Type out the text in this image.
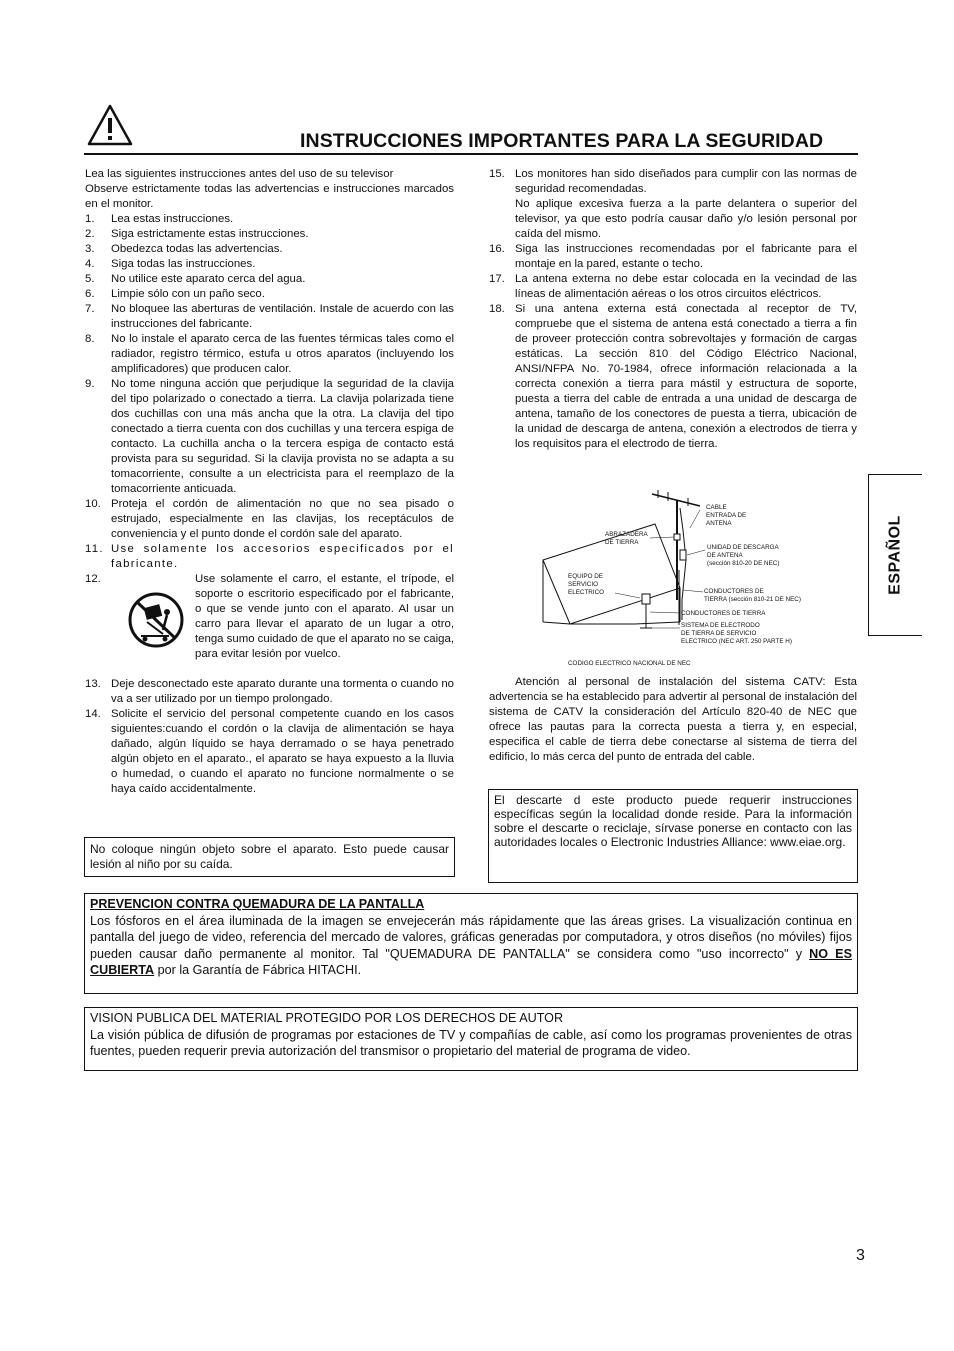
INSTRUCCIONES IMPORTANTES PARA LA SEGURIDAD

Lea las siguientes instrucciones antes del uso de su televisor

Observe estrictamente todas las advertencias e instrucciones marcados en el monitor.

1. Lea estas instrucciones.
2. Siga estrictamente estas instrucciones.
3. Obedezca todas las advertencias.
4. Siga todas las instrucciones.
5. No utilice este aparato cerca del agua.
6. Limpie sólo con un paño seco.
7. No bloquee las aberturas de ventilación. Instale de acuerdo con las instrucciones del fabricante.
8. No lo instale el aparato cerca de las fuentes térmicas tales como el radiador, registro térmico, estufa u otros aparatos (incluyendo los amplificadores) que producen calor.
9. No tome ninguna acción que perjudique la seguridad de la clavija del tipo polarizado o conectado a tierra. La clavija polarizada tiene dos cuchillas con una más ancha que la otra. La clavija del tipo conectado a tierra cuenta con dos cuchillas y una tercera espiga de contacto. La cuchilla ancha o la tercera espiga de contacto está provista para su seguridad. Si la clavija provista no se adapta a su tomacorriente, consulte a un electricista para el reemplazo de la tomacorriente anticuada.
10. Proteja el cordón de alimentación no que no sea pisado o estrujado, especialmente en las clavijas, los receptáculos de conveniencia y el punto donde el cordón sale del aparato.
11. Use solamente los accesorios especificados por el fabricante.
12.	Use solamente el carro, el estante, el trípode, el soporte o escritorio especificado por el fabricante, o que se vende junto con el aparato. Al usar un carro para llevar el aparato de un lugar a otro, tenga sumo cuidado de que el aparato no se caiga, para evitar lesión por vuelco.
13. Deje desconectado este aparato durante una tormenta o cuando no va a ser utilizado por un tiempo prolongado.
14. Solicite el servicio del personal competente cuando en los casos siguientes:cuando el cordón o la clavija de alimentación se haya dañado, algún líquido se haya derramado o se haya penetrado algún objeto en el aparato., el aparato se haya expuesto a la lluvia o humedad, o cuando el aparato no funcione normalmente o se haya caído accidentalmente.
15. Los monitores han sido diseñados para cumplir con las normas de seguridad recomendadas.
No aplique excesiva fuerza a la parte delantera o superior del televisor, ya que esto podría causar daño y/o lesión personal por caída del mismo.
16. Siga las instrucciones recomendadas por el fabricante para el montaje en la pared, estante o techo.
17. La antena externa no debe estar colocada en la vecindad de las líneas de alimentación aéreas o los otros circuitos eléctricos.
18. Si una antena externa está conectada al receptor de TV, compruebe que el sistema de antena está conectado a tierra a fin de proveer protección contra sobrevoltajes y formación de cargas estáticas. La sección 810 del Código Eléctrico Nacional, ANSI/NFPA No. 70-1984, ofrece información relacionada a la correcta conexión a tierra para mástil y estructura de soporte, puesta a tierra del cable de entrada a una unidad de descarga de antena, tamaño de los conectores de puesta a tierra, ubicación de la unidad de descarga de antena, conexión a electrodos de tierra y los requisitos para el electrodo de tierra.
CABLE
ENTRADA DE
ANTENA
ABRAZADERA
DE TIERRA
UNIDAD DE DESCARGA
DE ANTENA
(sección 810-20 DE NEC)
EQUIPO DE
SERVICIO
ELECTRICO	CONDUCTORES DE
TIERRA (sección 810-21 DE NEC)
CONDUCTORES DE TIERRA
SISTEMA DE ELECTRODO
DE TIERRA DE SERVICIO
ELECTRICO (NEC ART. 250 PARTE H)
CODIGO ELECTRICO NACIONAL DE NEC
Atención al personal de instalación del sistema CATV: Esta advertencia se ha establecido para advertir al personal de instalación del sistema de CATV la consideración del Artículo 820-40 de NEC que ofrece las pautas para la correcta puesta a tierra y, en especial, especifica el cable de tierra debe conectarse al sistema de tierra del edificio, lo más cerca del punto de entrada del cable.
El descarte d este producto puede requerir instrucciones específicas según la localidad donde reside. Para la información sobre el descarte o reciclaje, sírvase ponerse en contacto con las autoridades locales o Electronic Industries Alliance: www.eiae.org.
No coloque ningún objeto sobre el aparato. Esto puede causar lesión al niño por su caída.
PREVENCION CONTRA QUEMADURA DE LA PANTALLA
Los fósforos en el área iluminada de la imagen se envejecerán más rápidamente que las áreas grises. La visualización continua en pantalla del juego de video, referencia del mercado de valores, gráficas generadas por computadora, y otros diseños (no móviles) fijos pueden causar daño permanente al monitor. Tal "QUEMADURA DE PANTALLA" se considera como "uso incorrecto" y NO ES CUBIERTA por la Garantía de Fábrica HITACHI.
VISION PUBLICA DEL MATERIAL PROTEGIDO POR LOS DERECHOS DE AUTOR
La visión pública de difusión de programas por estaciones de TV y compañías de cable, así como los programas provenientes de otras fuentes, pueden requerir previa autorización del transmisor o propietario del material de programa de video.
ESPAÑOL
3
